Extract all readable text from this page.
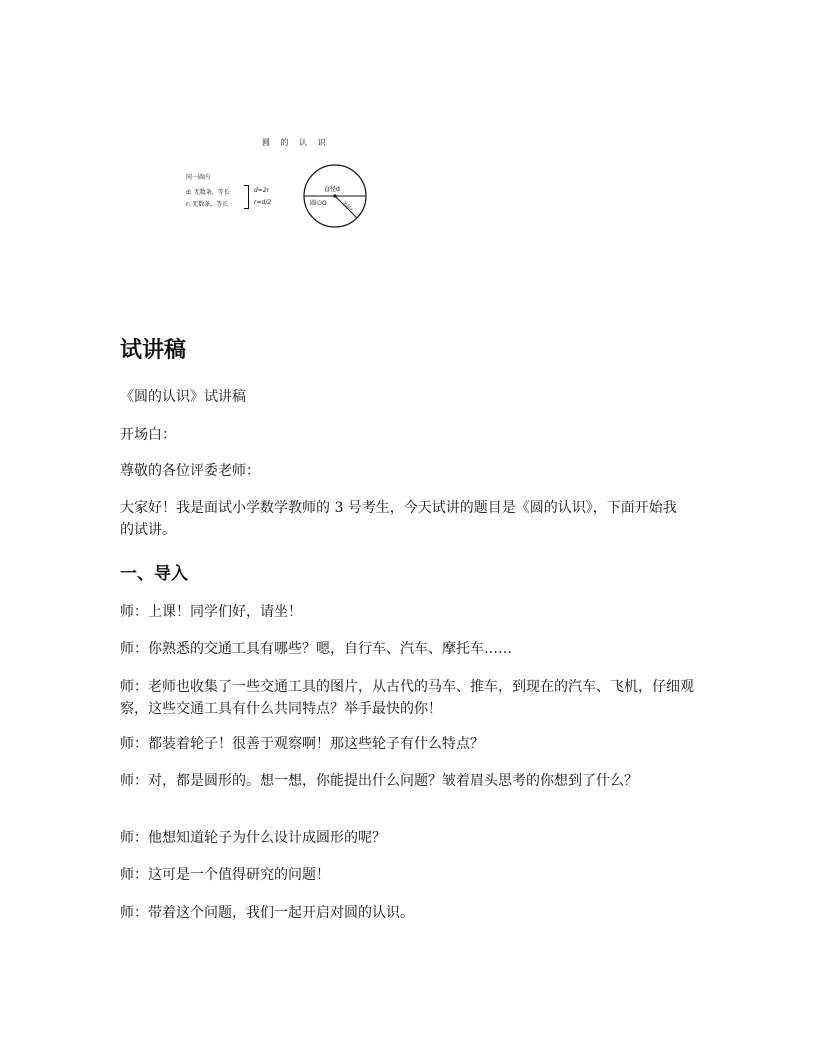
圆 的 认 识
同一圆内
d: 无数条，等长
r: 无数条，等长
d=2r
r=d/2
直径d
圆心O	半径r
试讲稿

《圆的认识》试讲稿

开场白：

尊敬的各位评委老师：

大家好！我是面试小学数学教师的 3 号考生，今天试讲的题目是《圆的认识》，下面开始我的试讲。

一、导入

师：上课！同学们好，请坐！

师：你熟悉的交通工具有哪些？嗯，自行车、汽车、摩托车……

师：老师也收集了一些交通工具的图片，从古代的马车、推车，到现在的汽车、飞机，仔细观察，这些交通工具有什么共同特点？举手最快的你！

师：都装着轮子！很善于观察啊！那这些轮子有什么特点？

师：对，都是圆形的。想一想，你能提出什么问题？皱着眉头思考的你想到了什么？

师：他想知道轮子为什么设计成圆形的呢？

师：这可是一个值得研究的问题！

师：带着这个问题，我们一起开启对圆的认识。
